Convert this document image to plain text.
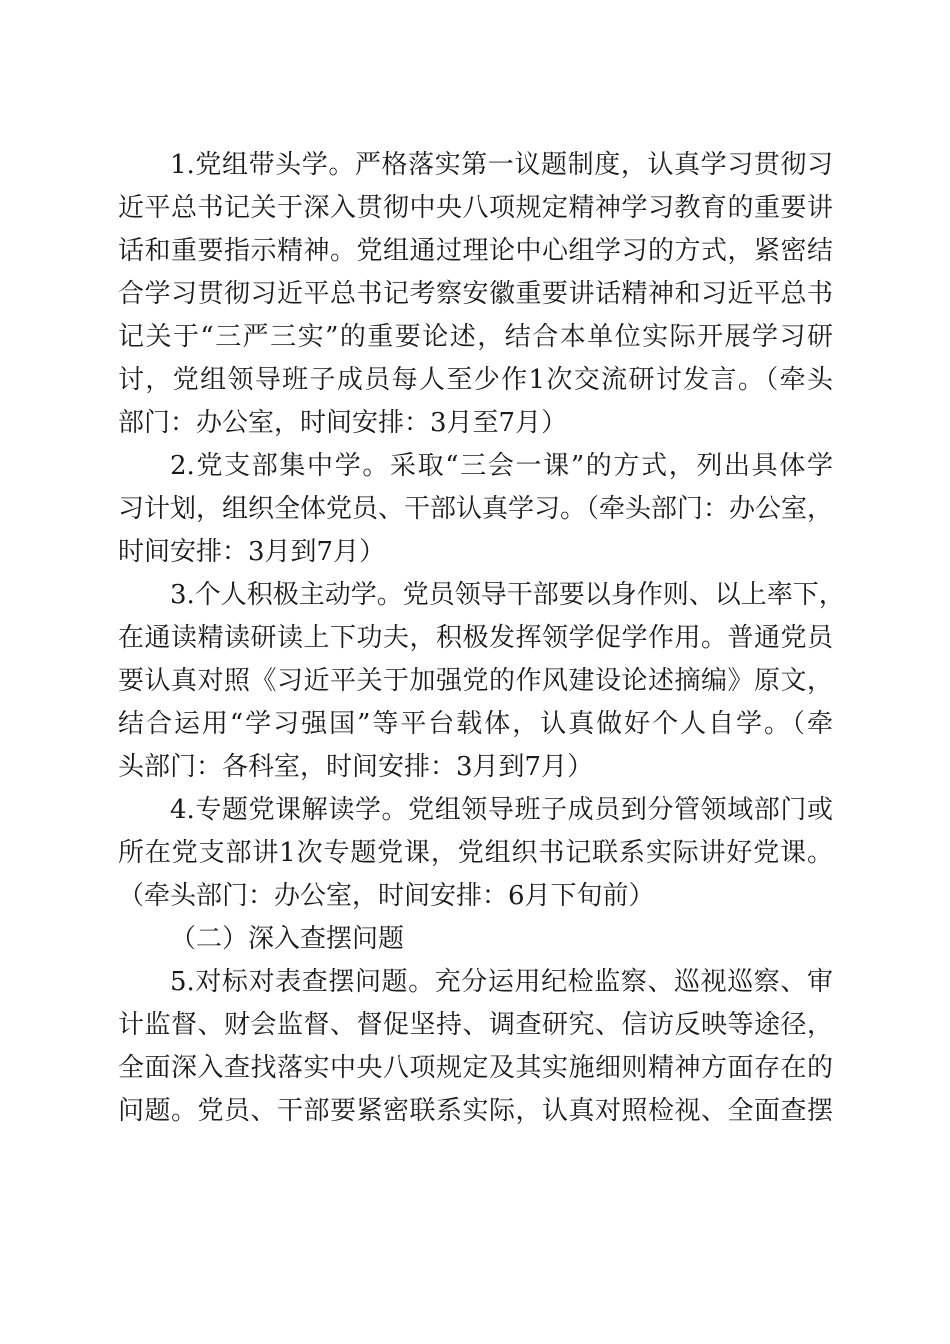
1.党组带头学。严格落实第一议题制度，认真学习贯彻习

近平总书记关于深入贯彻中央八项规定精神学习教育的重要讲

话和重要指示精神。党组通过理论中心组学习的方式，紧密结

合学习贯彻习近平总书记考察安徽重要讲话精神和习近平总书

记关于“三严三实”的重要论述，结合本单位实际开展学习研

讨，党组领导班子成员每人至少作1次交流研讨发言。（牵头

部门：办公室，时间安排：3月至7月）

2.党支部集中学。采取“三会一课”的方式，列出具体学

习计划，组织全体党员、干部认真学习。（牵头部门：办公室，

时间安排：3月到7月）

3.个人积极主动学。党员领导干部要以身作则、以上率下，

在通读精读研读上下功夫，积极发挥领学促学作用。普通党员

要认真对照《习近平关于加强党的作风建设论述摘编》原文，

结合运用“学习强国”等平台载体，认真做好个人自学。（牵

头部门：各科室，时间安排：3月到7月）

4.专题党课解读学。党组领导班子成员到分管领域部门或

所在党支部讲1次专题党课，党组织书记联系实际讲好党课。

（牵头部门：办公室，时间安排：6月下旬前）

（二）深入查摆问题

5.对标对表查摆问题。充分运用纪检监察、巡视巡察、审

计监督、财会监督、督促坚持、调查研究、信访反映等途径，

全面深入查找落实中央八项规定及其实施细则精神方面存在的

问题。党员、干部要紧密联系实际，认真对照检视、全面查摆
